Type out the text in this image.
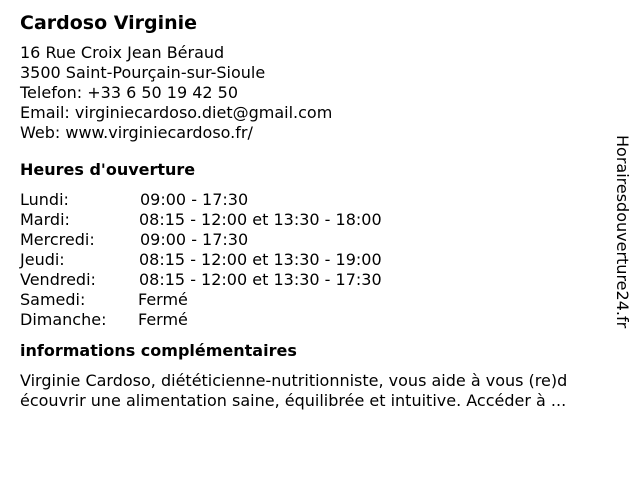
Cardoso Virginie
16 Rue Croix Jean Béraud
3500 Saint-Pourçain-sur-Sioule
Telefon: +33 6 50 19 42 50
Email: virginiecardoso.diet@gmail.com
Web: www.virginiecardoso.fr/
Heures d'ouverture
Lundi:	09:00 - 17:30
Mardi:	08:15 - 12:00 et 13:30 - 18:00
Mercredi:	09:00 - 17:30
Jeudi:	08:15 - 12:00 et 13:30 - 19:00
Vendredi:	08:15 - 12:00 et 13:30 - 17:30
Samedi:	Fermé
Dimanche:	Fermé
informations complémentaires
Virginie Cardoso, diététicienne-nutritionniste, vous aide à vous (re)d
écouvrir une alimentation saine, équilibrée et intuitive. Accéder à ...
Horairesdouverture24.fr
